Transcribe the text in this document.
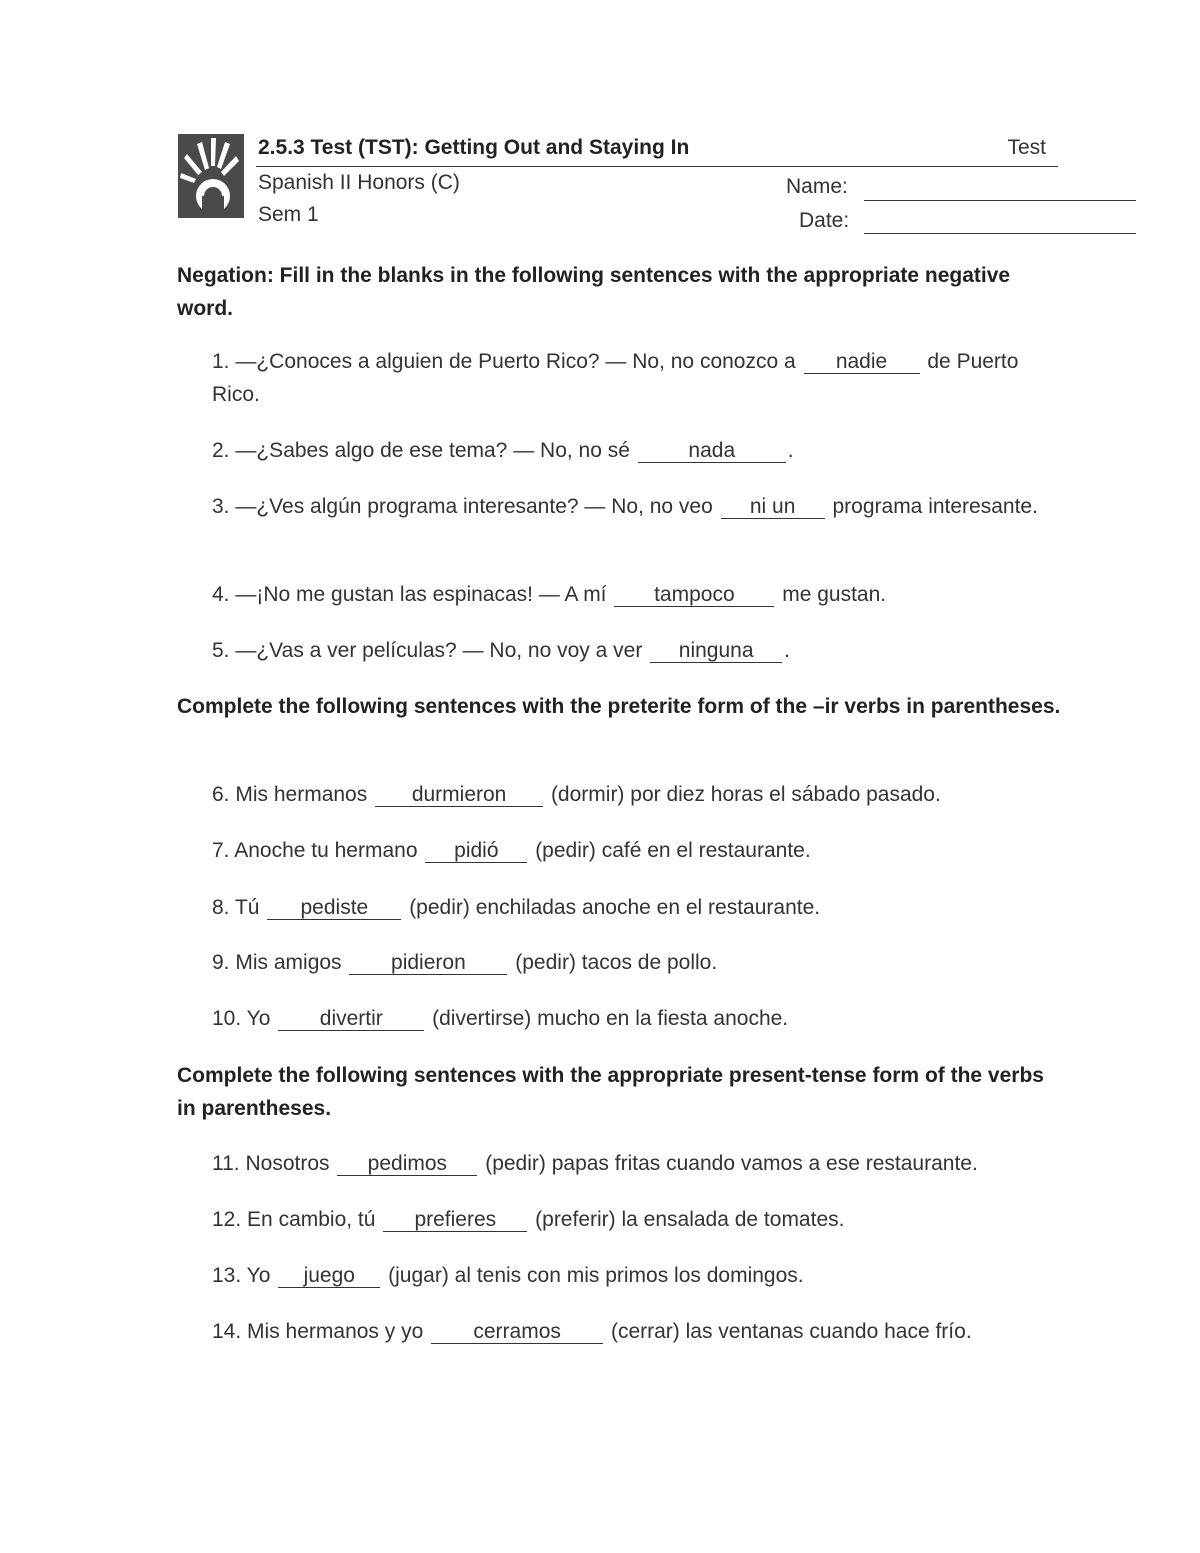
2.5.3 Test (TST): Getting Out and Staying In	Test
Spanish II Honors (C)
Sem 1
Name:
Date:
Negation: Fill in the blanks in the following sentences with the appropriate negative word.
1. —¿Conoces a alguien de Puerto Rico? — No, no conozco a nadie de Puerto Rico.
2. —¿Sabes algo de ese tema? — No, no sé	nada	.
3. —¿Ves algún programa interesante? — No, no veo ni un programa interesante.
4. —¡No me gustan las espinacas! — A mí tampoco me gustan.
5. —¿Vas a ver películas? — No, no voy a ver ninguna .
Complete the following sentences with the preterite form of the –ir verbs in parentheses.
6. Mis hermanos durmieron (dormir) por diez horas el sábado pasado.
7. Anoche tu hermano pidió (pedir) café en el restaurante.
8. Tú pediste (pedir) enchiladas anoche en el restaurante.
9. Mis amigos pidieron (pedir) tacos de pollo.
10. Yo divertir (divertirse) mucho en la fiesta anoche.
Complete the following sentences with the appropriate present-tense form of the verbs in parentheses.
11. Nosotros pedimos (pedir) papas fritas cuando vamos a ese restaurante.
12. En cambio, tú prefieres (preferir) la ensalada de tomates.
13. Yo juego (jugar) al tenis con mis primos los domingos.
14. Mis hermanos y yo cerramos (cerrar) las ventanas cuando hace frío.
